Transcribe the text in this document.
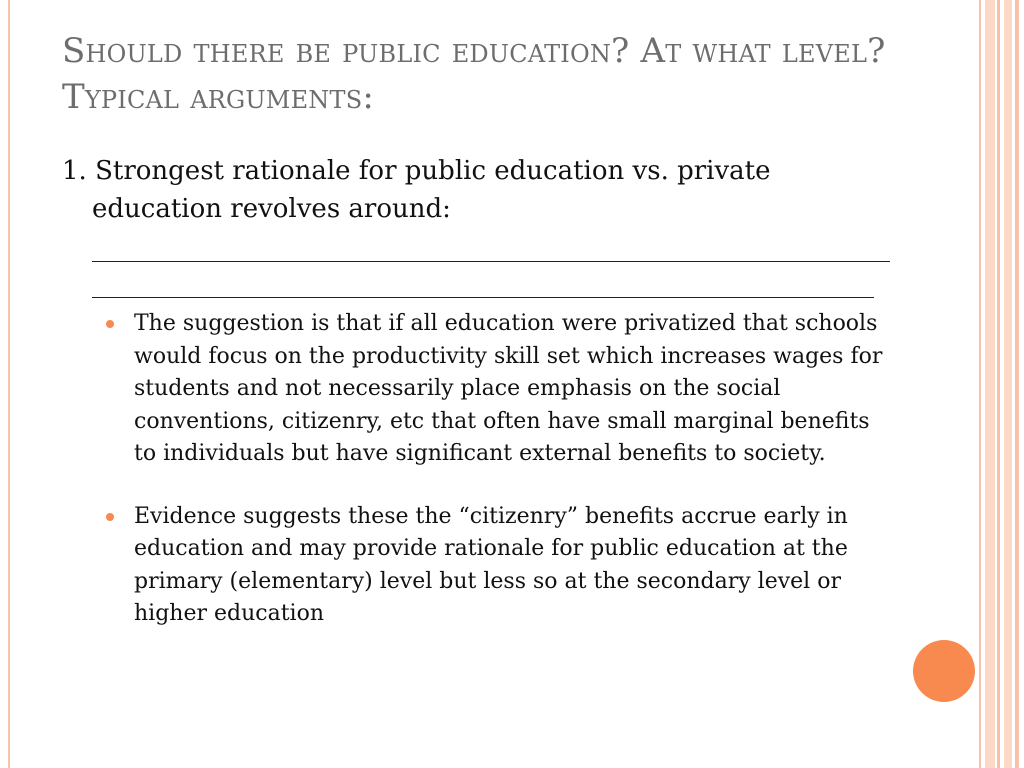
Should there be public education? At what level? Typical arguments:
1. Strongest rationale for public education vs. private
education revolves around:
The suggestion is that if all education were privatized that schools would focus on the productivity skill set which increases wages for students and not necessarily place emphasis on the social conventions, citizenry, etc that often have small marginal benefits to individuals but have significant external benefits to society.
Evidence suggests these the “citizenry” benefits accrue early in education and may provide rationale for public education at the primary (elementary) level but less so at the secondary level or higher education
